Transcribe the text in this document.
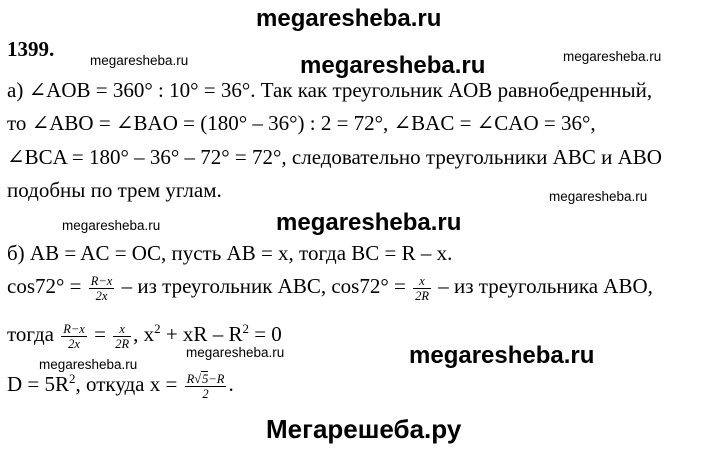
megaresheba.ru
megaresheba.ru	megaresheba.ru	megaresheba.ru
megaresheba.ru
megaresheba.ru	megaresheba.ru
megaresheba.ru
megaresheba.ru	megaresheba.ru
1399.
а) ∠AOB = 360° : 10° = 36°. Так как треугольник AOB равнобедренный,
то ∠ABO = ∠BAO = (180° – 36°) : 2 = 72°, ∠BAC = ∠CAO = 36°,
∠BCA = 180° – 36° – 72° = 72°, следовательно треугольники ABC и ABO
подобны по трем углам.
б) AB = AC = OC, пусть AB = x, тогда BC = R – x.
$\cos 72^\circ = \frac{R-x}{2x}$ – из треугольник ABC, $\cos 72^\circ = \frac{x}{2R}$ – из треугольника ABO,
тогда $\frac{R-x}{2x} = \frac{x}{2R}$ , $x^2$ + xR – $R^2 = 0$
$D = 5R^2$, откуда $x = \frac{R√5-R}{2}$ .
Мегарешеба.ру
